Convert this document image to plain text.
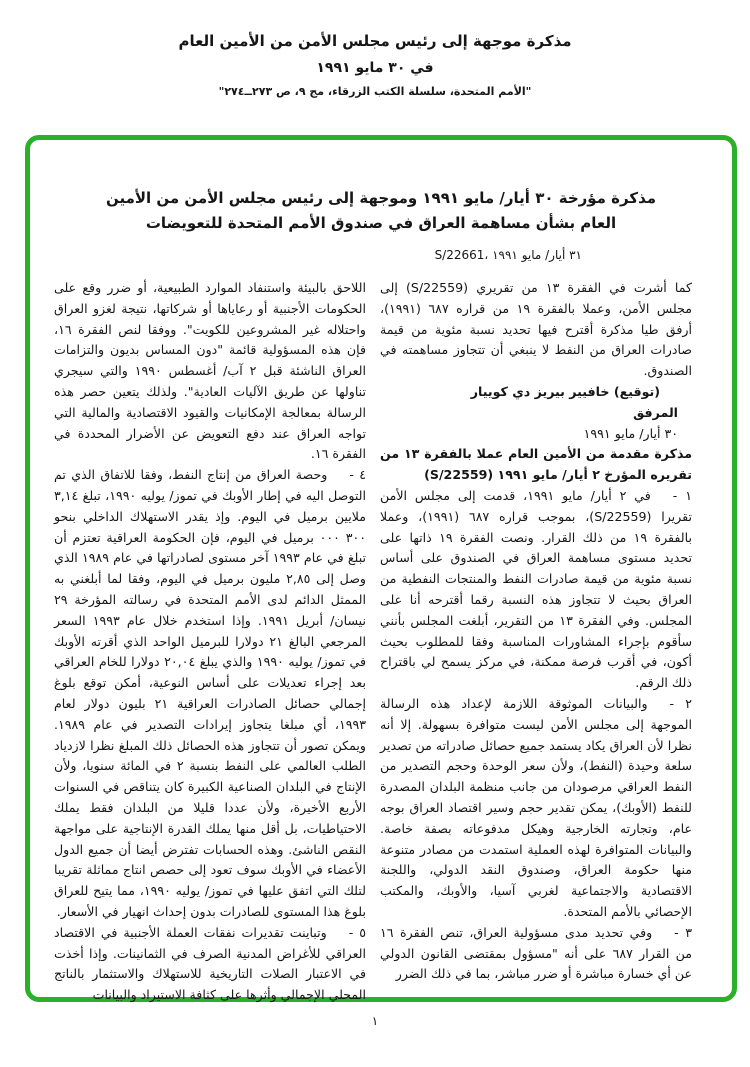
مذكرة موجهة إلى رئيس مجلس الأمن من الأمين العام
في ٣٠ مايو ١٩٩١
"الأمم المتحدة، سلسلة الكتب الزرقاء، مج ٩، ص ٢٧٣ــ٢٧٤"
مذكرة مؤرخة ٣٠ أيار/ مايو ١٩٩١ وموجهة إلى رئيس مجلس الأمن من الأمين العام بشأن مساهمة العراق في صندوق الأمم المتحدة للتعويضات
S/22661، ٣١ أيار/ مايو ١٩٩١

كما أشرت في الفقرة ١٣ من تقريري (S/22559) إلى مجلس الأمن، وعملا بالفقرة ١٩ من قراره ٦٨٧ (١٩٩١)، أرفق طيا مذكرة أقترح فيها تحديد نسبة مئوية من قيمة صادرات العراق من النفط لا ينبغي أن تتجاوز مساهمته في الصندوق.

(توقيع) خافيير بيريز دي كوييار

المرفق

٣٠ أيار/ مايو ١٩٩١

مذكرة مقدمة من الأمين العام عملا بالفقرة ١٣ من تقريره المؤرخ ٢ أيار/ مايو ١٩٩١ (S/22559)

١ -في ٢ أيار/ مايو ١٩٩١، قدمت إلى مجلس الأمن تقريرا (S/22559)، بموجب قراره ٦٨٧ (١٩٩١)، وعملا بالفقرة ١٩ من ذلك القرار. ونصت الفقرة ١٩ ذاتها على تحديد مستوى مساهمة العراق في الصندوق على أساس نسبة مئوية من قيمة صادرات النفط والمنتجات النفطية من العراق بحيث لا تتجاوز هذه النسبة رقما أقترحه أنا على المجلس. وفي الفقرة ١٣ من التقرير، أبلغت المجلس بأنني سأقوم بإجراء المشاورات المناسبة وفقا للمطلوب بحيث أكون، في أقرب فرصة ممكنة، في مركز يسمح لي باقتراح ذلك الرقم.

٢ -والبيانات الموثوقة اللازمة لإعداد هذه الرسالة الموجهة إلى مجلس الأمن ليست متوافرة بسهولة. إلا أنه نظرا لأن العراق يكاد يستمد جميع حصائل صادراته من تصدير سلعة وحيدة (النفط)، ولأن سعر الوحدة وحجم التصدير من النفط العراقي مرصودان من جانب منظمة البلدان المصدرة للنفط (الأوبك)، يمكن تقدير حجم وسير اقتصاد العراق بوجه عام، وتجارته الخارجية وهيكل مدفوعاته بصفة خاصة. والبيانات المتوافرة لهذه العملية استمدت من مصادر متنوعة منها حكومة العراق، وصندوق النقد الدولي، واللجنة الاقتصادية والاجتماعية لغربي آسيا، والأوبك، والمكتب الإحصائي بالأمم المتحدة.

٣ -وفي تحديد مدى مسؤولية العراق، تنص الفقرة ١٦ من القرار ٦٨٧ على أنه "مسؤول بمقتضى القانون الدولي عن أي خسارة مباشرة أو ضرر مباشر، بما في ذلك الضرر

اللاحق بالبيئة واستنفاد الموارد الطبيعية، أو ضرر وقع على الحكومات الأجنبية أو رعاياها أو شركاتها، نتيجة لغزو العراق واحتلاله غير المشروعين للكويت". ووفقا لنص الفقرة ١٦، فإن هذه المسؤولية قائمة "دون المساس بديون والتزامات العراق الناشئة قبل ٢ آب/ أغسطس ١٩٩٠ والتي سيجري تناولها عن طريق الآليات العادية". ولذلك يتعين حصر هذه الرسالة بمعالجة الإمكانيات والقيود الاقتصادية والمالية التي تواجه العراق عند دفع التعويض عن الأضرار المحددة في الفقرة ١٦.

٤ -وحصة العراق من إنتاج النفط، وفقا للاتفاق الذي تم التوصل اليه في إطار الأوبك في تموز/ يوليه ١٩٩٠، تبلغ ٣,١٤ ملايين برميل في اليوم. وإذ يقدر الاستهلاك الداخلي بنحو ٣٠٠ ٠٠٠ برميل في اليوم، فإن الحكومة العراقية تعتزم أن تبلغ في عام ١٩٩٣ آخر مستوى لصادراتها في عام ١٩٨٩ الذي وصل إلى ٢,٨٥ مليون برميل في اليوم، وفقا لما أبلغني به الممثل الدائم لدى الأمم المتحدة في رسالته المؤرخة ٢٩ نيسان/ أبريل ١٩٩١. وإذا استخدم خلال عام ١٩٩٣ السعر المرجعي البالغ ٢١ دولارا للبرميل الواحد الذي أقرته الأوبك في تموز/ يوليه ١٩٩٠ والذي يبلغ ٢٠,٠٤ دولارا للخام العراقي بعد إجراء تعديلات على أساس النوعية، أمكن توقع بلوغ إجمالي حصائل الصادرات العراقية ٢١ بليون دولار لعام ١٩٩٣، أي مبلغا يتجاوز إيرادات التصدير في عام ١٩٨٩. ويمكن تصور أن تتجاوز هذه الحصائل ذلك المبلغ نظرا لازدياد الطلب العالمي على النفط بنسبة ٢ في المائة سنويا، ولأن الإنتاج في البلدان الصناعية الكبيرة كان يتناقص في السنوات الأربع الأخيرة، ولأن عددا قليلا من البلدان فقط يملك الاحتياطيات، بل أقل منها يملك القدرة الإنتاجية على مواجهة النقص الناشئ. وهذه الحسابات تفترض أيضا أن جميع الدول الأعضاء في الأوبك سوف تعود إلى حصص انتاج مماثلة تقريبا لتلك التي اتفق عليها في تموز/ يوليه ١٩٩٠، مما يتيح للعراق بلوغ هذا المستوى للصادرات بدون إحداث انهيار في الأسعار.

٥ -وتباينت تقديرات نفقات العملة الأجنبية في الاقتصاد العراقي للأغراض المدنية الصرف في الثمانينات. وإذا أخذت في الاعتبار الصلات التاريخية للاستهلاك والاستثمار بالناتج المحلي الإجمالي وأثرها على كثافة الاستيراد والبيانات

١
